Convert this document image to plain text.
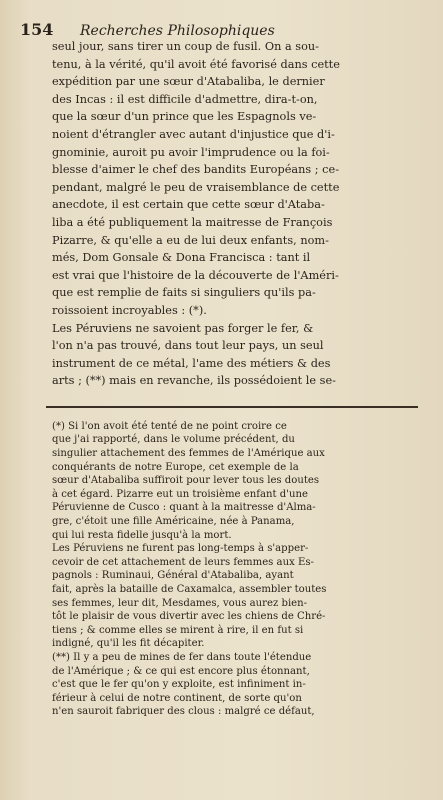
154	Recherches Philosophiques
seul jour, sans tirer un coup de fusil. On a sou-
tenu, à la vérité, qu'il avoit été favorisé dans cette
expédition par une sœur d'Atabaliba, le dernier
des Incas : il est difficile d'admettre, dira-t-on,
que la sœur d'un prince que les Espagnols ve-
noient d'étrangler avec autant d'injustice que d'i-
gnominie, auroit pu avoir l'imprudence ou la foi-
blesse d'aimer le chef des bandits Européans ; ce-
pendant, malgré le peu de vraisemblance de cette
anecdote, il est certain que cette sœur d'Ataba-
liba a été publiquement la maitresse de François
Pizarre, & qu'elle a eu de lui deux enfants, nom-
més, Dom Gonsale & Dona Francisca : tant il
est vrai que l'histoire de la découverte de l'Améri-
que est remplie de faits si singuliers qu'ils pa-
roissoient incroyables : (*).
Les Péruviens ne savoient pas forger le fer, &
l'on n'a pas trouvé, dans tout leur pays, un seul
instrument de ce métal, l'ame des métiers & des
arts ; (**) mais en revanche, ils possédoient le se-
(*) Si l'on avoit été tenté de ne point croire ce
que j'ai rapporté, dans le volume précédent, du
singulier attachement des femmes de l'Amérique aux
conquérants de notre Europe, cet exemple de la
sœur d'Atabaliba suffiroit pour lever tous les doutes
à cet égard. Pizarre eut un troisième enfant d'une
Péruvienne de Cusco : quant à la maitresse d'Alma-
gre, c'étoit une fille Américaine, née à Panama,
qui lui resta fidelle jusqu'à la mort.
Les Péruviens ne furent pas long-temps à s'apper-
cevoir de cet attachement de leurs femmes aux Es-
pagnols : Ruminaui, Général d'Atabaliba, ayant
fait, après la bataille de Caxamalca, assembler toutes
ses femmes, leur dit, Mesdames, vous aurez bien-
tôt le plaisir de vous divertir avec les chiens de Chré-
tiens ; & comme elles se mirent à rire, il en fut si
indigné, qu'il les fit décapiter.
(**) Il y a peu de mines de fer dans toute l'étendue
de l'Amérique ; & ce qui est encore plus étonnant,
c'est que le fer qu'on y exploite, est infiniment in-
férieur à celui de notre continent, de sorte qu'on
n'en sauroit fabriquer des clous : malgré ce défaut,
